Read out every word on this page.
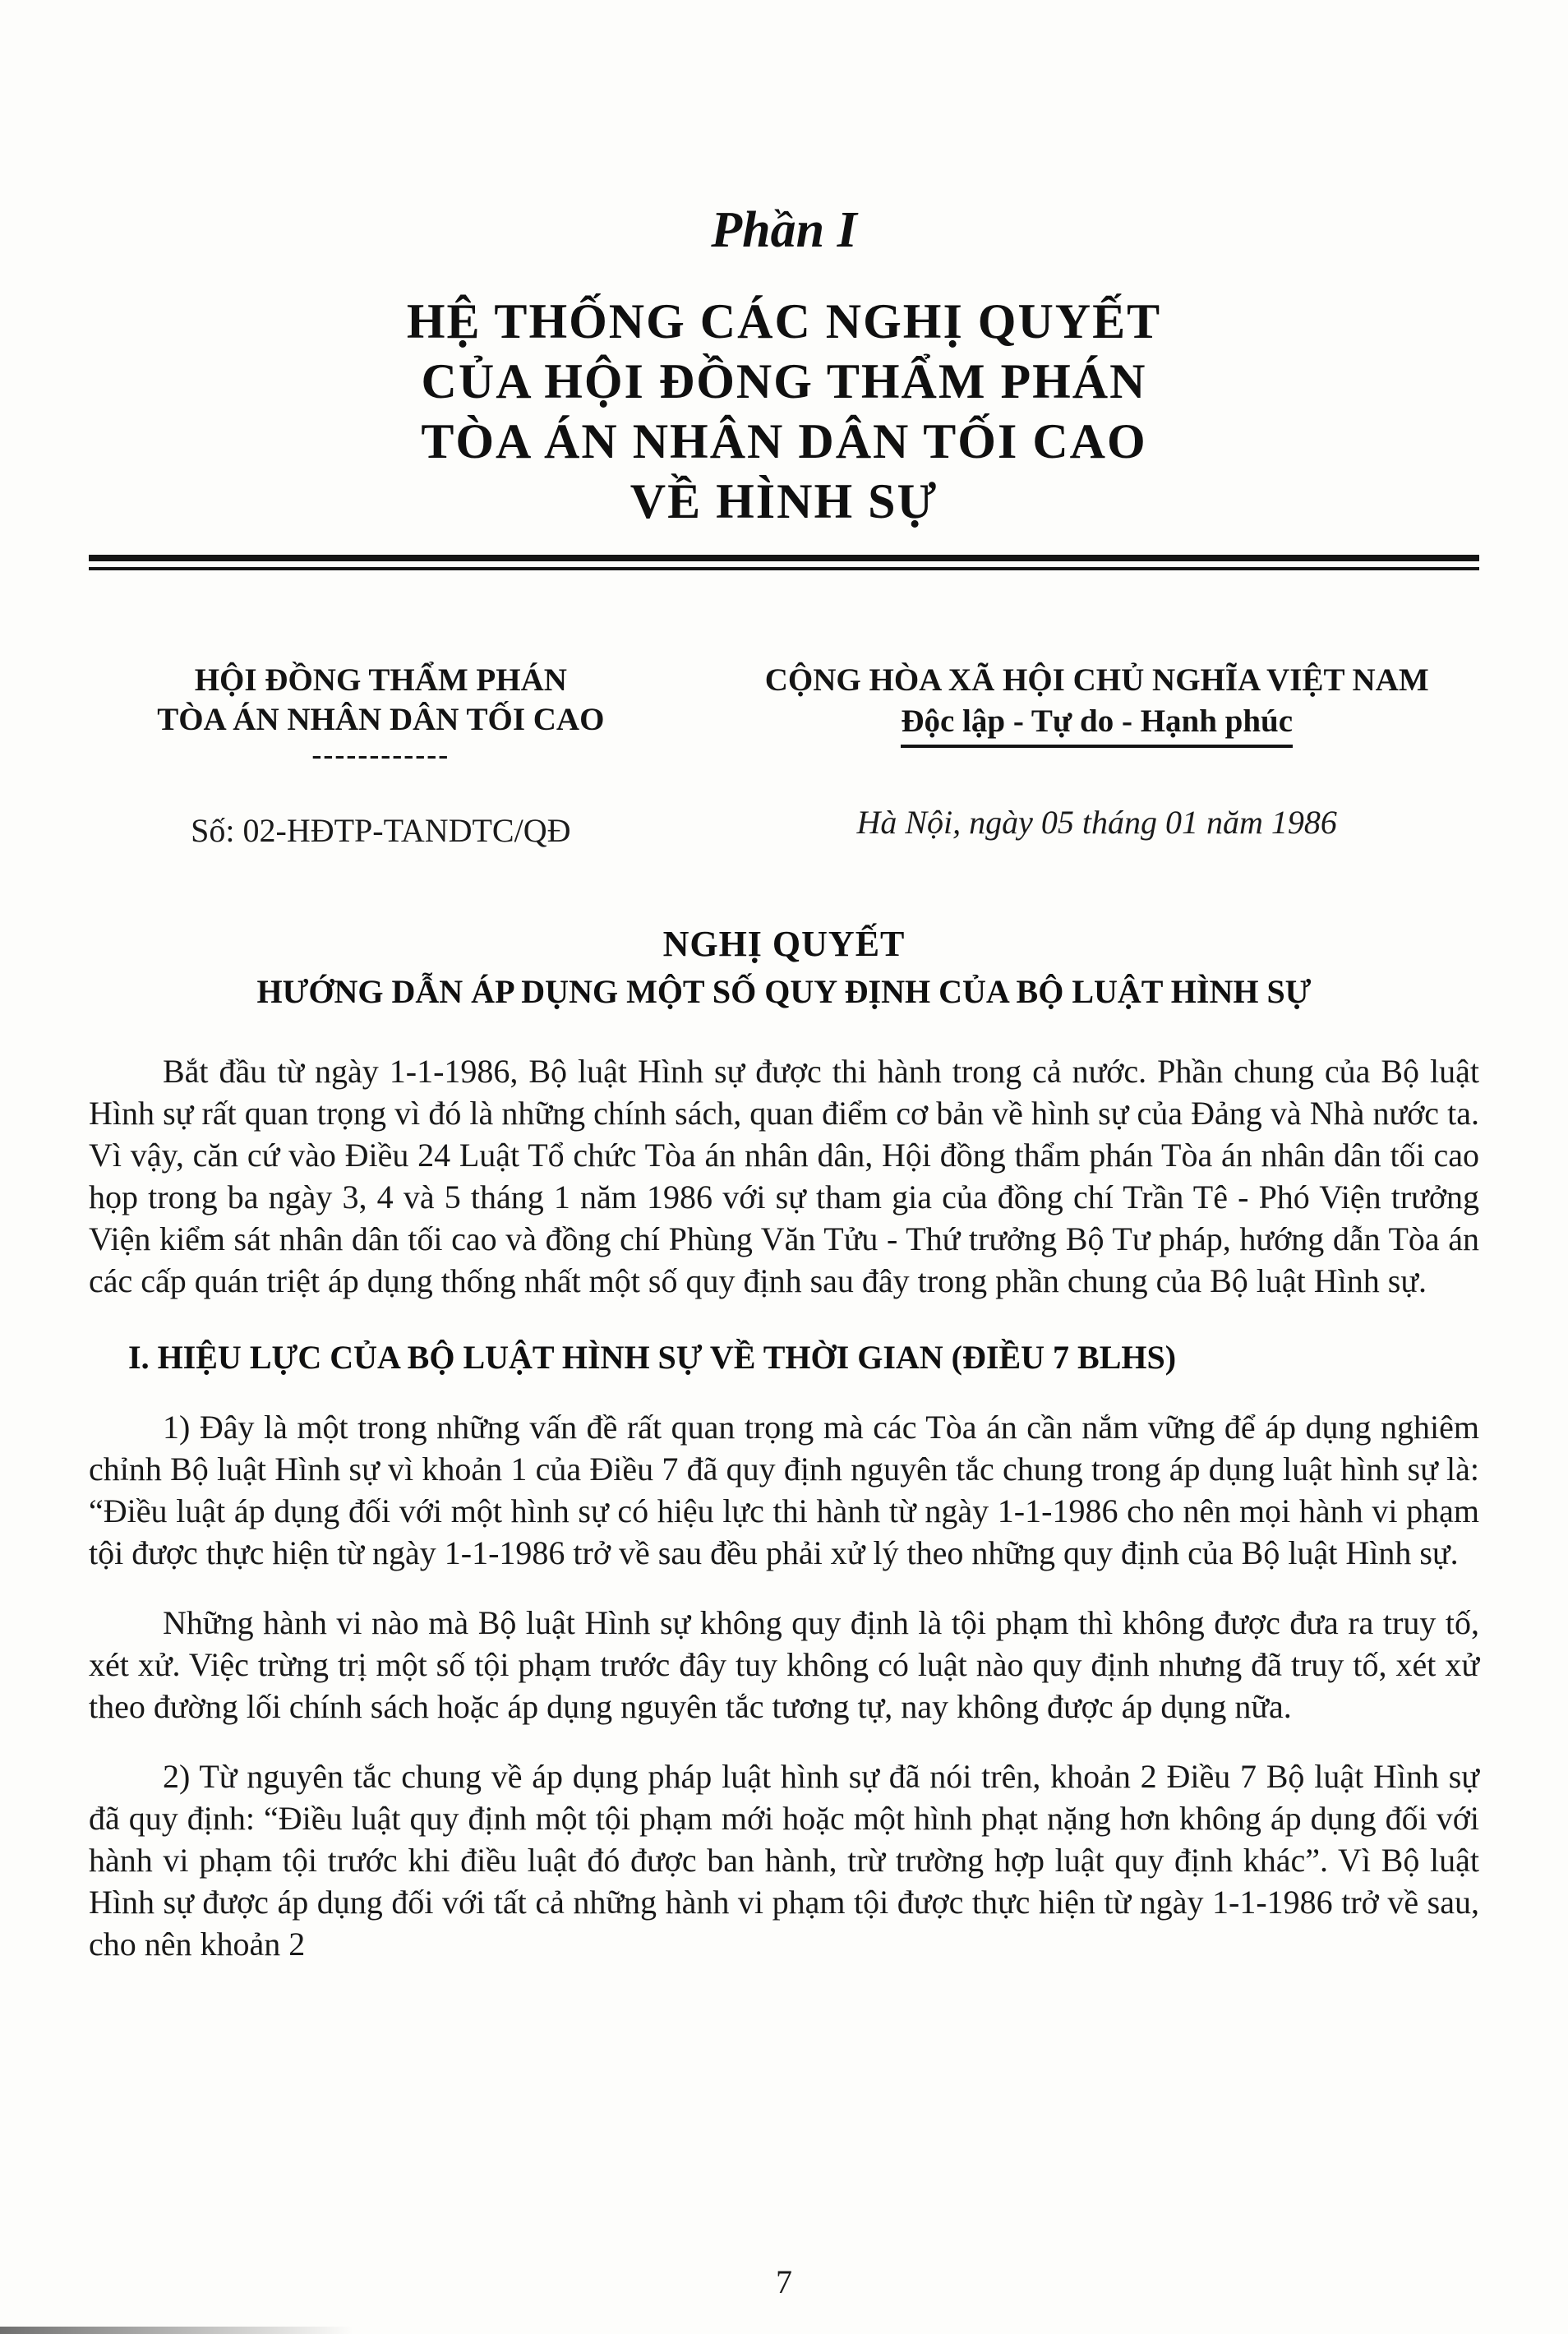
Phần I
HỆ THỐNG CÁC NGHỊ QUYẾT
CỦA HỘI ĐỒNG THẨM PHÁN
TÒA ÁN NHÂN DÂN TỐI CAO
VỀ HÌNH SỰ
HỘI ĐỒNG THẨM PHÁN
TÒA ÁN NHÂN DÂN TỐI CAO
------------
Số: 02-HĐTP-TANDTC/QĐ
CỘNG HÒA XÃ HỘI CHỦ NGHĨA VIỆT NAM
Độc lập - Tự do - Hạnh phúc
Hà Nội, ngày 05 tháng 01 năm 1986
NGHỊ QUYẾT
HƯỚNG DẪN ÁP DỤNG MỘT SỐ QUY ĐỊNH CỦA BỘ LUẬT HÌNH SỰ

Bắt đầu từ ngày 1-1-1986, Bộ luật Hình sự được thi hành trong cả nước. Phần chung của Bộ luật Hình sự rất quan trọng vì đó là những chính sách, quan điểm cơ bản về hình sự của Đảng và Nhà nước ta. Vì vậy, căn cứ vào Điều 24 Luật Tổ chức Tòa án nhân dân, Hội đồng thẩm phán Tòa án nhân dân tối cao họp trong ba ngày 3, 4 và 5 tháng 1 năm 1986 với sự tham gia của đồng chí Trần Tê - Phó Viện trưởng Viện kiểm sát nhân dân tối cao và đồng chí Phùng Văn Tửu - Thứ trưởng Bộ Tư pháp, hướng dẫn Tòa án các cấp quán triệt áp dụng thống nhất một số quy định sau đây trong phần chung của Bộ luật Hình sự.

I. HIỆU LỰC CỦA BỘ LUẬT HÌNH SỰ VỀ THỜI GIAN (ĐIỀU 7 BLHS)

1) Đây là một trong những vấn đề rất quan trọng mà các Tòa án cần nắm vững để áp dụng nghiêm chỉnh Bộ luật Hình sự vì khoản 1 của Điều 7 đã quy định nguyên tắc chung trong áp dụng luật hình sự là: “Điều luật áp dụng đối với một hình sự có hiệu lực thi hành từ ngày 1-1-1986 cho nên mọi hành vi phạm tội được thực hiện từ ngày 1-1-1986 trở về sau đều phải xử lý theo những quy định của Bộ luật Hình sự.

Những hành vi nào mà Bộ luật Hình sự không quy định là tội phạm thì không được đưa ra truy tố, xét xử. Việc trừng trị một số tội phạm trước đây tuy không có luật nào quy định nhưng đã truy tố, xét xử theo đường lối chính sách hoặc áp dụng nguyên tắc tương tự, nay không được áp dụng nữa.

2) Từ nguyên tắc chung về áp dụng pháp luật hình sự đã nói trên, khoản 2 Điều 7 Bộ luật Hình sự đã quy định: “Điều luật quy định một tội phạm mới hoặc một hình phạt nặng hơn không áp dụng đối với hành vi phạm tội trước khi điều luật đó được ban hành, trừ trường hợp luật quy định khác”. Vì Bộ luật Hình sự được áp dụng đối với tất cả những hành vi phạm tội được thực hiện từ ngày 1-1-1986 trở về sau, cho nên khoản 2

7
